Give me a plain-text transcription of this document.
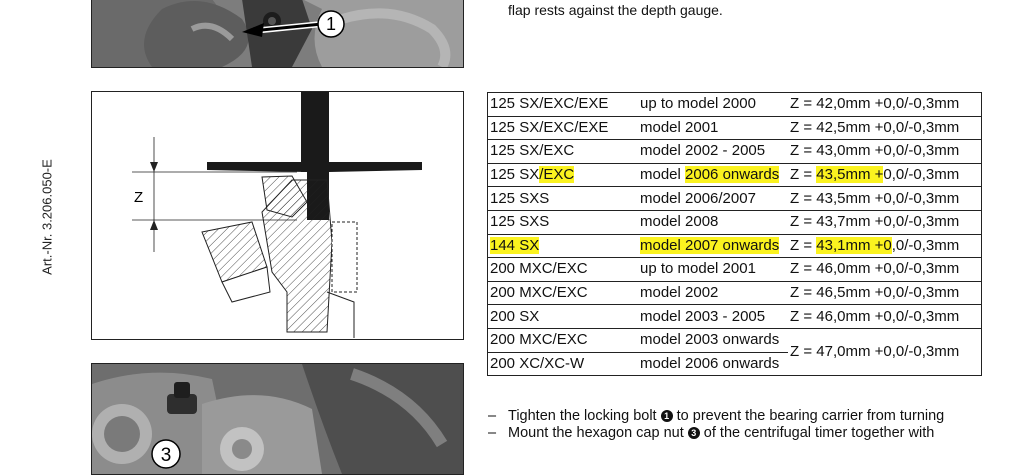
Art.-Nr. 3.206.050-E
1
flap rests against the depth gauge.
Z
125 SX/EXC/EXE	up to model 2000	Z = 42,0mm +0,0/-0,3mm
125 SX/EXC/EXE	model 2001	Z = 42,5mm +0,0/-0,3mm
125 SX/EXC	model 2002 - 2005	Z = 43,0mm +0,0/-0,3mm
125 SX/EXC	model 2006 onwards	Z = 43,5mm +0,0/-0,3mm
125 SXS	model 2006/2007	Z = 43,5mm +0,0/-0,3mm
125 SXS	model 2008	Z = 43,7mm +0,0/-0,3mm
144 SX	model 2007 onwards	Z = 43,1mm +0,0/-0,3mm
200 MXC/EXC	up to model 2001	Z = 46,0mm +0,0/-0,3mm
200 MXC/EXC	model 2002	Z = 46,5mm +0,0/-0,3mm
200 SX	model 2003 - 2005	Z = 46,0mm +0,0/-0,3mm
200 MXC/EXC	model 2003 onwards	Z = 47,0mm +0,0/-0,3mm
200 XC/XC-W	model 2006 onwards	
3
– Tighten the locking bolt 1 to prevent the bearing carrier from turning
– Mount the hexagon cap nut 3 of the centrifugal timer together with
